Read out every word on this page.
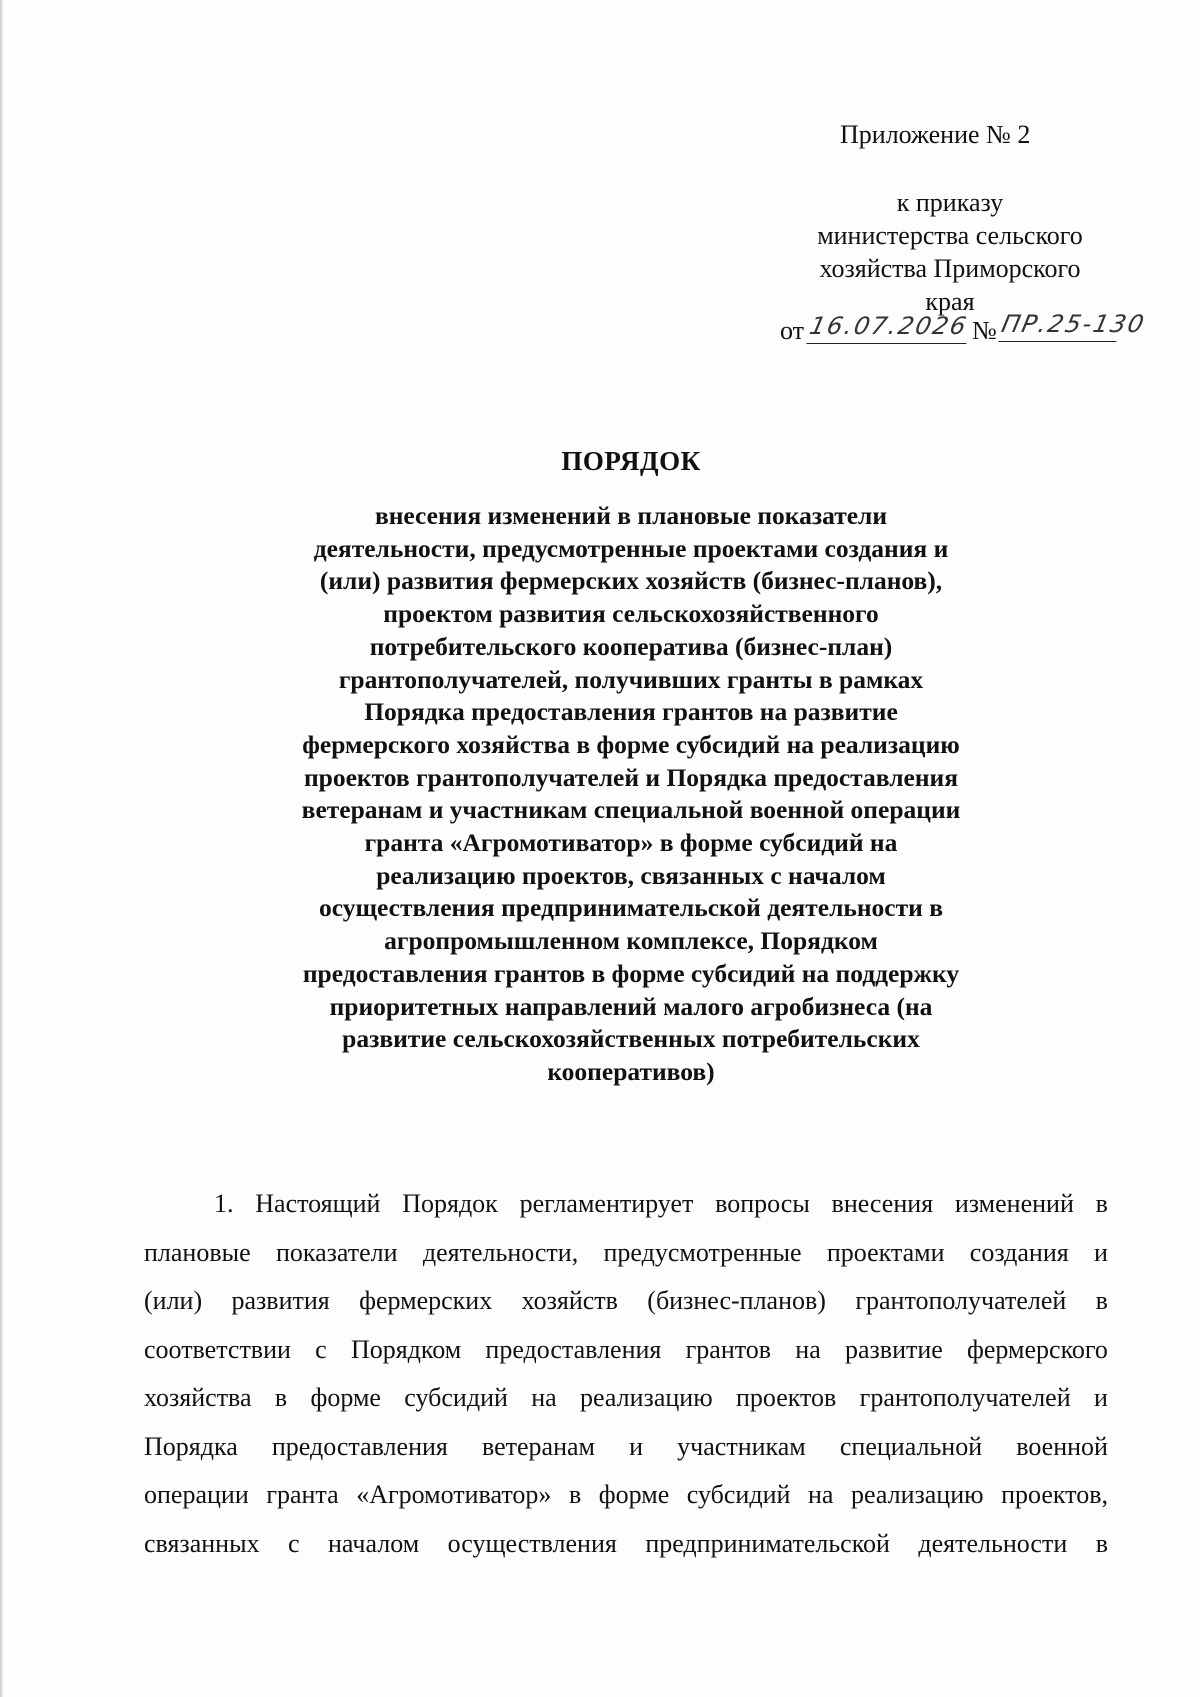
Приложение № 2
к приказу
министерства сельского
хозяйства Приморского
края
от 16.07.2026 № ПР.25-130
ПОРЯДОК
внесения изменений в плановые показатели
деятельности, предусмотренные проектами создания и
(или) развития фермерских хозяйств (бизнес-планов),
проектом развития сельскохозяйственного
потребительского кооператива (бизнес-план)
грантополучателей, получивших гранты в рамках
Порядка предоставления грантов на развитие
фермерского хозяйства в форме субсидий на реализацию
проектов грантополучателей и Порядка предоставления
ветеранам и участникам специальной военной операции
гранта «Агромотиватор» в форме субсидий на
реализацию проектов, связанных с началом
осуществления предпринимательской деятельности в
агропромышленном комплексе, Порядком
предоставления грантов в форме субсидий на поддержку
приоритетных направлений малого агробизнеса (на
развитие сельскохозяйственных потребительских
кооперативов)
1. Настоящий Порядок регламентирует вопросы внесения изменений в
плановые показатели деятельности, предусмотренные проектами создания и
(или) развития фермерских хозяйств (бизнес-планов) грантополучателей в
соответствии с Порядком предоставления грантов на развитие фермерского
хозяйства в форме субсидий на реализацию проектов грантополучателей и
Порядка предоставления ветеранам и участникам специальной военной
операции гранта «Агромотиватор» в форме субсидий на реализацию проектов,
связанных с началом осуществления предпринимательской деятельности в
